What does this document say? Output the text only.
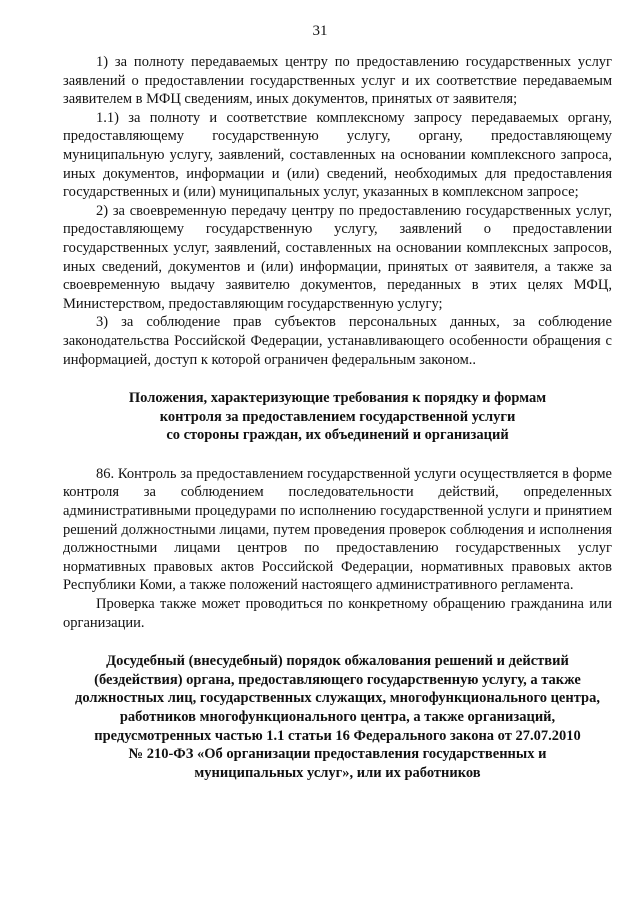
31

1) за полноту передаваемых центру по предоставлению государственных услуг заявлений о предоставлении государственных услуг и их соответствие передаваемым заявителем в МФЦ сведениям, иных документов, принятых от заявителя;

1.1) за полноту и соответствие комплексному запросу передаваемых органу, предоставляющему государственную услугу, органу, предоставляющему муниципальную услугу, заявлений, составленных на основании комплексного запроса, иных документов, информации и (или) сведений, необходимых для предоставления государственных и (или) муниципальных услуг, указанных в комплексном запросе;

2) за своевременную передачу центру по предоставлению государственных услуг, предоставляющему государственную услугу, заявлений о предоставлении государственных услуг, заявлений, составленных на основании комплексных запросов, иных сведений, документов и (или) информации, принятых от заявителя, а также за своевременную выдачу заявителю документов, переданных в этих целях МФЦ, Министерством, предоставляющим государственную услугу;

3) за соблюдение прав субъектов персональных данных, за соблюдение законодательства Российской Федерации, устанавливающего особенности обращения с информацией, доступ к которой ограничен федеральным законом..

Положения, характеризующие требования к порядку и формам
контроля за предоставлением государственной услуги
со стороны граждан, их объединений и организаций

86. Контроль за предоставлением государственной услуги осуществляется в форме контроля за соблюдением последовательности действий, определенных административными процедурами по исполнению государственной услуги и принятием решений должностными лицами, путем проведения проверок соблюдения и исполнения должностными лицами центров по предоставлению государственных услуг нормативных правовых актов Российской Федерации, нормативных правовых актов Республики Коми, а также положений настоящего административного регламента.

Проверка также может проводиться по конкретному обращению гражданина или организации.

Досудебный (внесудебный) порядок обжалования решений и действий
(бездействия) органа, предоставляющего государственную услугу, а также
должностных лиц, государственных служащих, многофункционального центра,
работников многофункционального центра, а также организаций,
предусмотренных частью 1.1 статьи 16 Федерального закона от 27.07.2010
№ 210-ФЗ «Об организации предоставления государственных и
муниципальных услуг», или их работников
